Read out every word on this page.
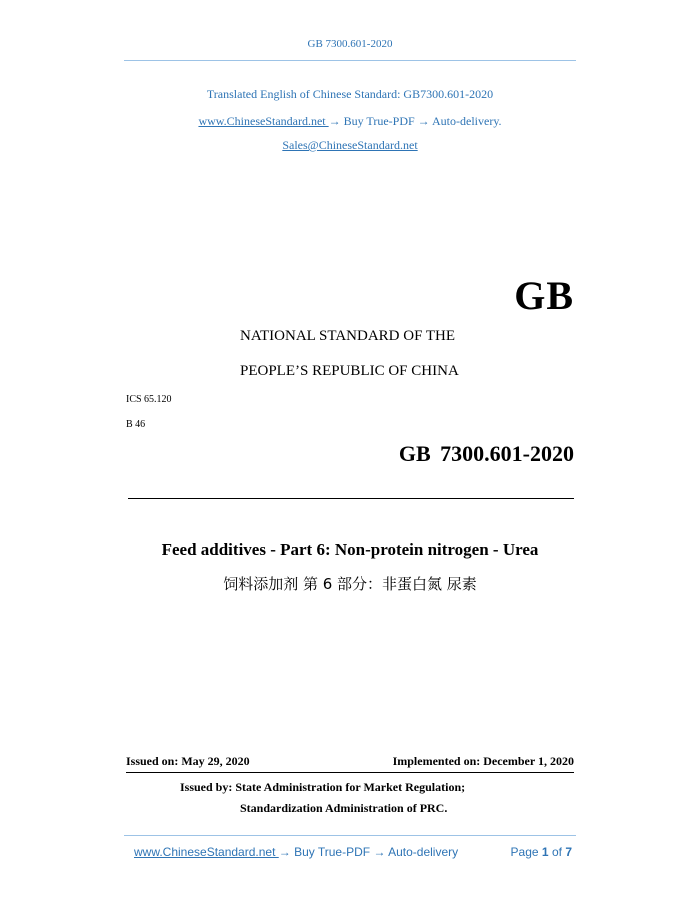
GB 7300.601-2020
Translated English of Chinese Standard: GB7300.601-2020
www.ChineseStandard.net → Buy True-PDF → Auto-delivery.
Sales@ChineseStandard.net
GB
NATIONAL STANDARD OF THE
PEOPLE’S REPUBLIC OF CHINA
ICS 65.120
B 46
GB 7300.601-2020
Feed additives - Part 6: Non-protein nitrogen - Urea
饲料添加剂 第 6 部分：非蛋白氮 尿素
Issued on: May 29, 2020	Implemented on: December 1, 2020
Issued by: State Administration for Market Regulation;
Standardization Administration of PRC.
www.ChineseStandard.net → Buy True-PDF → Auto-delivery	Page 1 of 7
